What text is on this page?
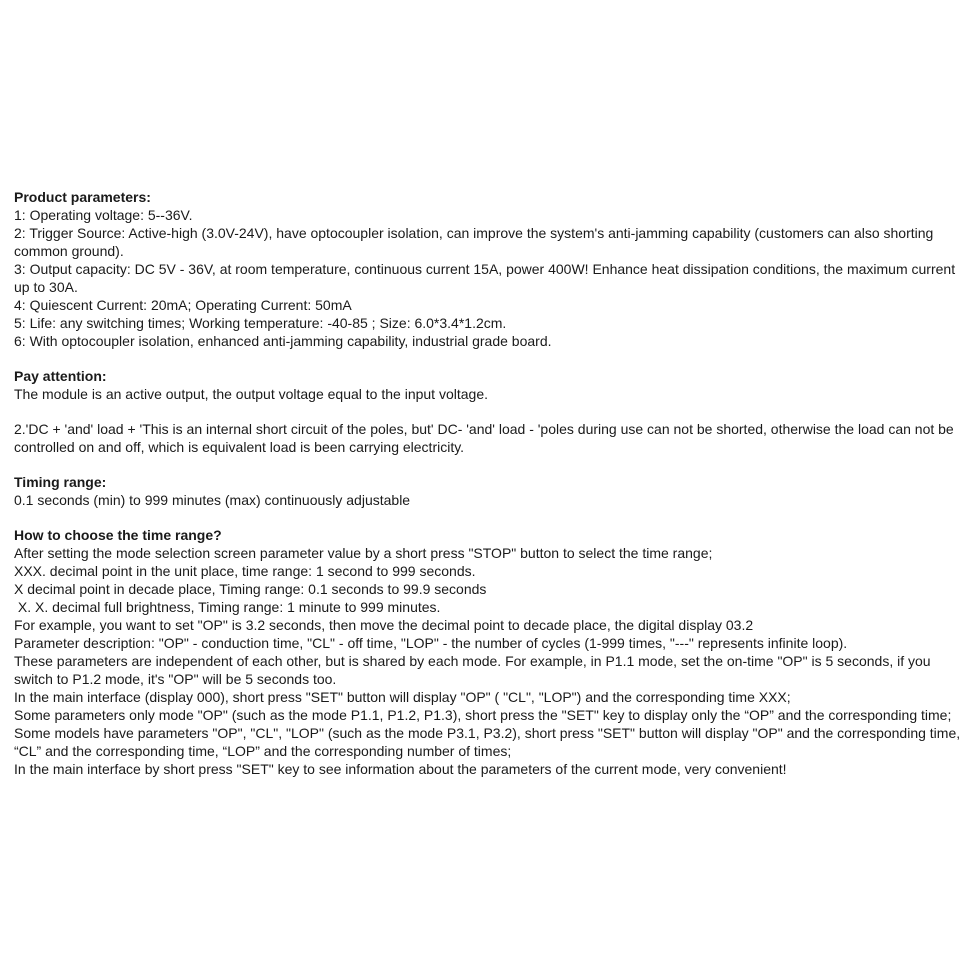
Product parameters:

1: Operating voltage: 5--36V.

2: Trigger Source: Active-high (3.0V-24V), have optocoupler isolation, can improve the system's anti-jamming capability (customers can also shorting common ground).

3: Output capacity: DC 5V - 36V, at room temperature, continuous current 15A, power 400W! Enhance heat dissipation conditions, the maximum current up to 30A.

4: Quiescent Current: 20mA; Operating Current: 50mA

5: Life: any switching times; Working temperature: -40-85 ; Size: 6.0*3.4*1.2cm.

6: With optocoupler isolation, enhanced anti-jamming capability, industrial grade board.

Pay attention:

The module is an active output, the output voltage equal to the input voltage.

2.'DC + 'and' load + 'This is an internal short circuit of the poles, but' DC- 'and' load - 'poles during use can not be shorted, otherwise the load can not be controlled on and off, which is equivalent load is been carrying electricity.

Timing range:

0.1 seconds (min) to 999 minutes (max) continuously adjustable

How to choose the time range?

After setting the mode selection screen parameter value by a short press "STOP" button to select the time range;

XXX. decimal point in the unit place, time range: 1 second to 999 seconds.

X decimal point in decade place, Timing range: 0.1 seconds to 99.9 seconds

X. X. decimal full brightness, Timing range: 1 minute to 999 minutes.

For example, you want to set "OP" is 3.2 seconds, then move the decimal point to decade place, the digital display 03.2

Parameter description: "OP" - conduction time, "CL" - off time, "LOP" - the number of cycles (1-999 times, "---" represents infinite loop).

These parameters are independent of each other, but is shared by each mode. For example, in P1.1 mode, set the on-time "OP" is 5 seconds, if you switch to P1.2 mode, it's "OP" will be 5 seconds too.

In the main interface (display 000), short press "SET" button will display "OP" ( "CL", "LOP") and the corresponding time XXX;

Some parameters only mode "OP" (such as the mode P1.1, P1.2, P1.3), short press the "SET" key to display only the “OP” and the corresponding time;

Some models have parameters "OP", "CL", "LOP" (such as the mode P3.1, P3.2), short press "SET" button will display "OP" and the corresponding time, “CL” and the corresponding time, “LOP” and the corresponding number of times;

In the main interface by short press "SET" key to see information about the parameters of the current mode, very convenient!
